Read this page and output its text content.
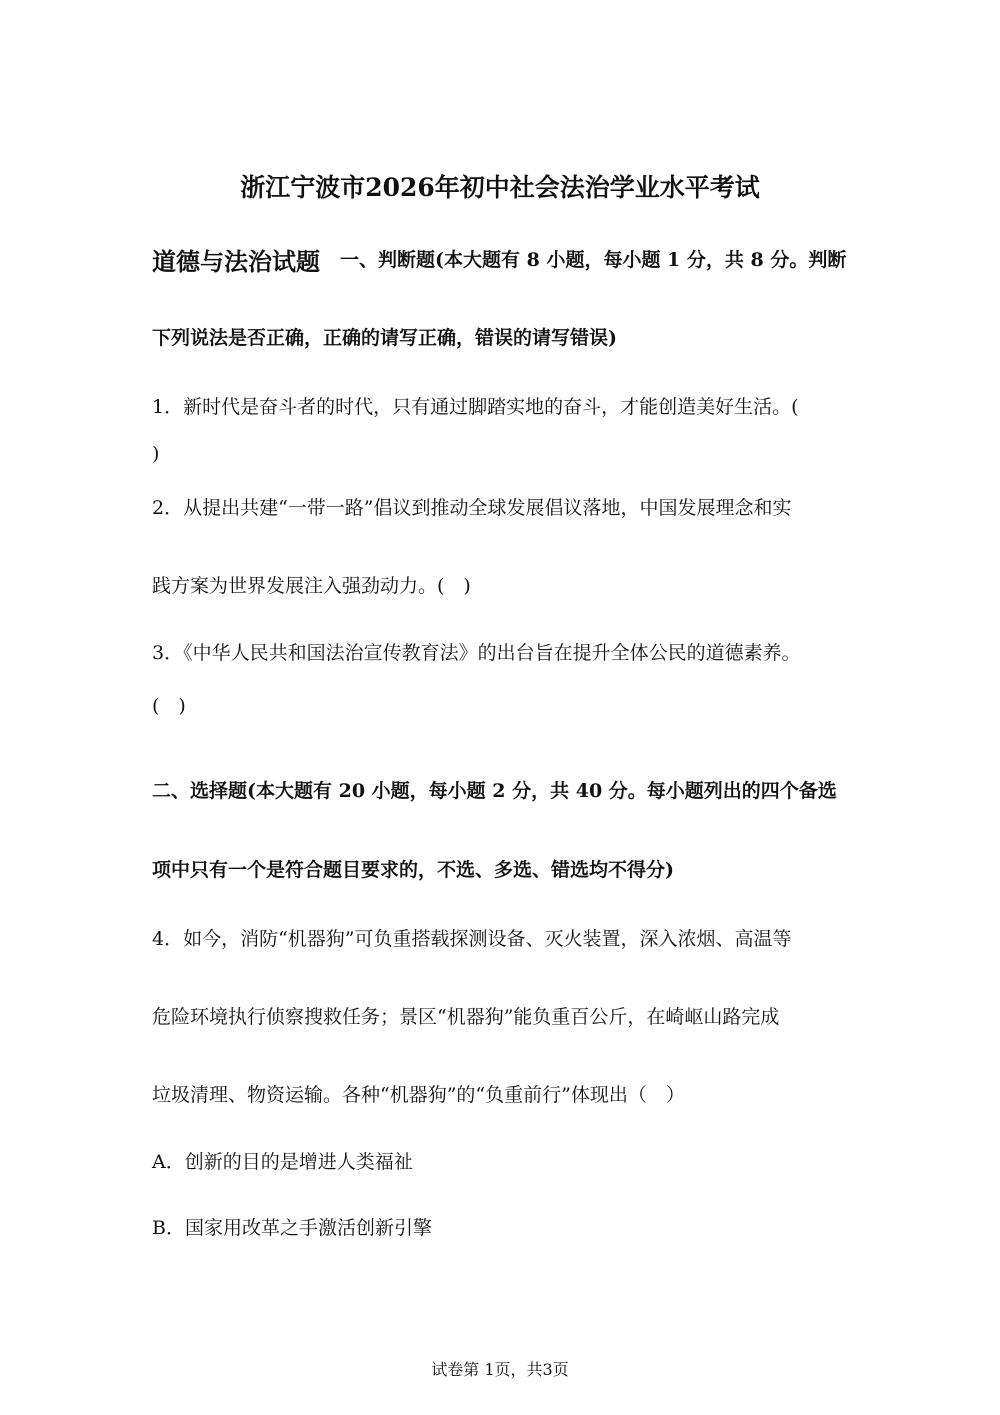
浙江宁波市2026年初中社会法治学业水平考试
道德与法治试题 一、判断题(本大题有 8 小题，每小题 1 分，共 8 分。判断
下列说法是否正确，正确的请写正确，错误的请写错误)
1．新时代是奋斗者的时代，只有通过脚踏实地的奋斗，才能创造美好生活。(
)
2．从提出共建“一带一路”倡议到推动全球发展倡议落地，中国发展理念和实
践方案为世界发展注入强劲动力。(　)
3．《中华人民共和国法治宣传教育法》的出台旨在提升全体公民的道德素养。
(　)
二、选择题(本大题有 20 小题，每小题 2 分，共 40 分。每小题列出的四个备选
项中只有一个是符合题目要求的，不选、多选、错选均不得分)
4．如今，消防“机器狗”可负重搭载探测设备、灭火装置，深入浓烟、高温等
危险环境执行侦察搜救任务；景区“机器狗”能负重百公斤，在崎岖山路完成
垃圾清理、物资运输。各种“机器狗”的“负重前行”体现出（　）
A．创新的目的是增进人类福祉
B．国家用改革之手激活创新引擎
试卷第 1页，共3页
